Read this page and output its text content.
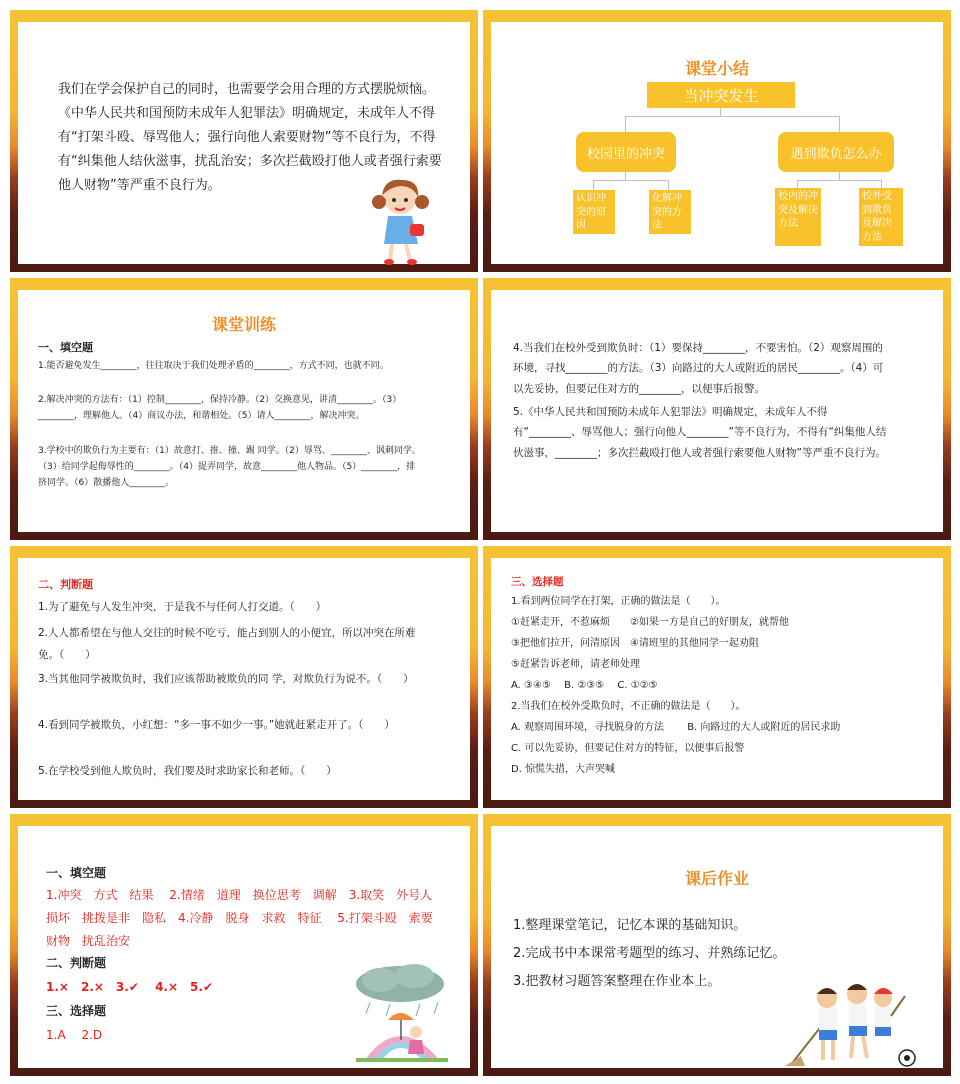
我们在学会保护自己的同时，也需要学会用合理的方式摆脱烦恼。《中华人民共和国预防未成年人犯罪法》明确规定，未成年人不得有“打架斗殴、辱骂他人；强行向他人索要财物”等不良行为，不得有“纠集他人结伙滋事，扰乱治安；多次拦截殴打他人或者强行索要他人财物”等严重不良行为。

课堂小结
当冲突发生
校园里的冲突	遇到欺负怎么办
认识冲突的原因
化解冲突的方法
校内的冲突及解决方法
校外受到欺负及解决方法
课堂训练
一、填空题

1.能否避免发生________，往往取决于我们处理矛盾的________，方式不同，也就不同。

2.解决冲突的方法有：（1）控制________，保持冷静。（2）交换意见，讲清________。（3）________，理解他人。（4）商议办法，和谐相处。（5）请人________，解决冲突。

3.学校中的欺负行为主要有：（1）故意打、推、撞、踢 同学。（2）辱骂、________、讽刺同学。（3）给同学起侮辱性的________。（4）捉弄同学，故意________他人物品。（5）________，排挤同学。（6）散播他人________。

4.当我们在校外受到欺负时：（1）要保持________，不要害怕。（2）观察周围的环境，寻找________的方法。（3）向路过的大人或附近的居民________。（4）可以先妥协，但要记住对方的________，以便事后报警。

5.《中华人民共和国预防未成年人犯罪法》明确规定，未成年人不得有“________、辱骂他人；强行向他人________”等不良行为，不得有“纠集他人结伙滋事，________；多次拦截殴打他人或者强行索要他人财物”等严重不良行为。

二、判断题

1.为了避免与人发生冲突，于是我不与任何人打交道。（　　）

2.人人都希望在与他人交往的时候不吃亏，能占到别人的小便宜，所以冲突在所难免。（　　）

3.当其他同学被欺负时，我们应该帮助被欺负的同 学，对欺负行为说不。（　　）

4.看到同学被欺负，小红想：“多一事不如少一事。”她就赶紧走开了。（　　）

5.在学校受到他人欺负时，我们要及时求助家长和老师。（　　）

三、选择题
1.看到两位同学在打架，正确的做法是（　　）。
①赶紧走开，不惹麻烦　　②如果一方是自己的好朋友，就帮他
③把他们拉开，问清原因　④请班里的其他同学一起劝阻
⑤赶紧告诉老师，请老师处理
A. ③④⑤　 B. ②③⑤　 C. ①②⑤
2.当我们在校外受欺负时，不正确的做法是（　　）。
A. 观察周围环境，寻找脱身的方法　　 B. 向路过的大人或附近的居民求助
C. 可以先妥协，但要记住对方的特征，以便事后报警
D. 惊慌失措，大声哭喊
一、填空题

1.冲突　方式　结果　 2.情绪　道理　换位思考　调解　3.取笑　外号人　 损坏　挑拨是非　隐私　4.冷静　脱身　求救　特征　 5.打架斗殴　索要财物　扰乱治安

二、判断题
1.×　2.×　3.✔　 4.×　5.✔
三、选择题
1.A　 2.D
课后作业
1.整理课堂笔记，记忆本课的基础知识。
2.完成书中本课常考题型的练习、并熟练记忆。
3.把教材习题答案整理在作业本上。
